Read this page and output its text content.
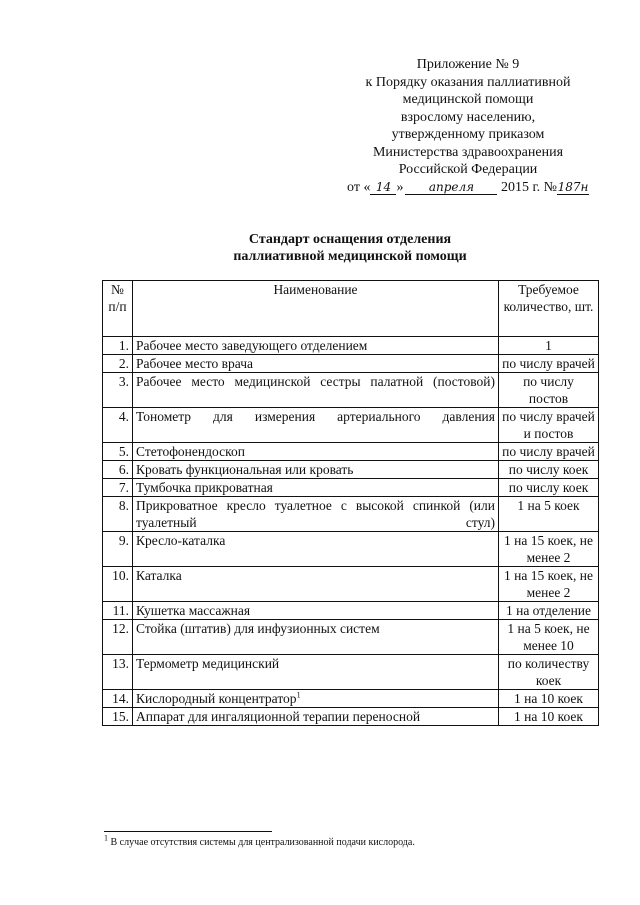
Приложение № 9
к Порядку оказания паллиативной
медицинской помощи
взрослому населению,
утвержденному приказом
Министерства здравоохранения
Российской Федерации
от « 14 » апреля 2015 г. №187н
Стандарт оснащения отделения
паллиативной медицинской помощи
№ п/п	Наименование	Требуемое количество, шт.
1.	Рабочее место заведующего отделением	1
2.	Рабочее место врача	по числу врачей
3.	Рабочее место медицинской сестры палатной (постовой)	по числу постов
4.	Тонометр для измерения артериального давления	по числу врачей и постов
5.	Стетофонендоскоп	по числу врачей
6.	Кровать функциональная или кровать	по числу коек
7.	Тумбочка прикроватная	по числу коек
8.	Прикроватное кресло туалетное с высокой спинкой (или туалетный стул)	1 на 5 коек
9.	Кресло-каталка	1 на 15 коек, не менее 2
10.	Каталка	1 на 15 коек, не менее 2
11.	Кушетка массажная	1 на отделение
12.	Стойка (штатив) для инфузионных систем	1 на 5 коек, не менее 10
13.	Термометр медицинский	по количеству коек
14.	Кислородный концентратор$^1$	1 на 10 коек
15.	Аппарат для ингаляционной терапии переносной	1 на 10 коек
$^1$ В случае отсутствия системы для централизованной подачи кислорода.
